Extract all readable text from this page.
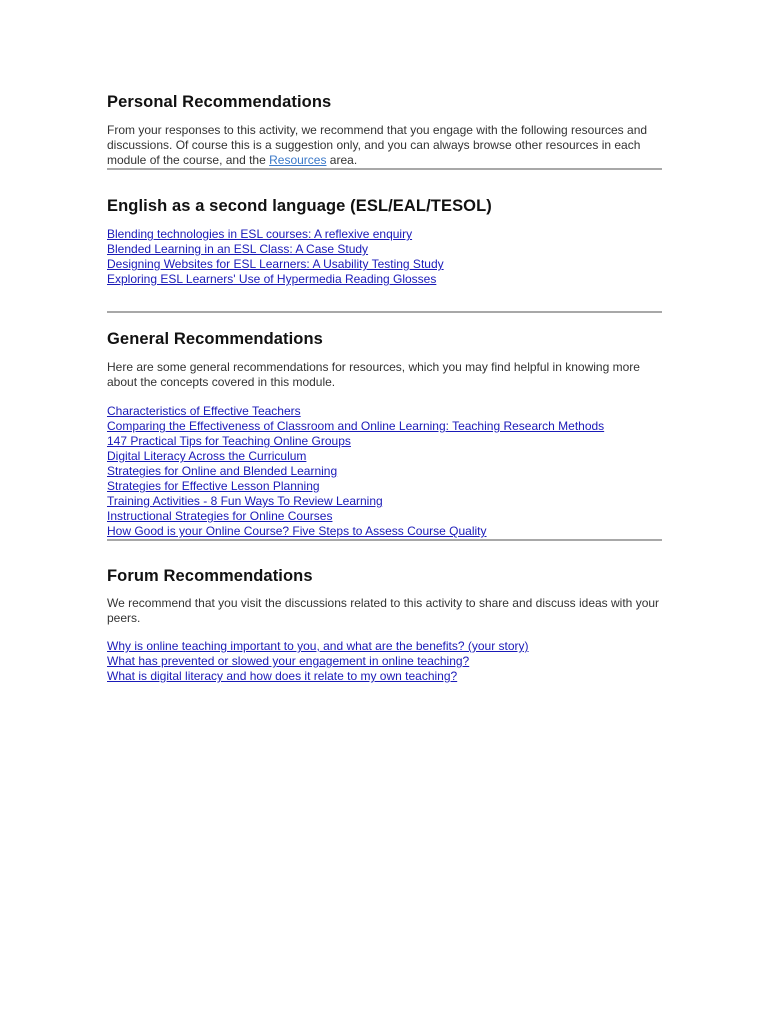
Personal Recommendations

From your responses to this activity, we recommend that you engage with the following resources and discussions. Of course this is a suggestion only, and you can always browse other resources in each module of the course, and the Resources area.

English as a second language (ESL/EAL/TESOL)
Blending technologies in ESL courses: A reflexive enquiry
Blended Learning in an ESL Class: A Case Study
Designing Websites for ESL Learners: A Usability Testing Study
Exploring ESL Learners' Use of Hypermedia Reading Glosses
General Recommendations

Here are some general recommendations for resources, which you may find helpful in knowing more about the concepts covered in this module.

Characteristics of Effective Teachers
Comparing the Effectiveness of Classroom and Online Learning: Teaching Research Methods
147 Practical Tips for Teaching Online Groups
Digital Literacy Across the Curriculum
Strategies for Online and Blended Learning
Strategies for Effective Lesson Planning
Training Activities - 8 Fun Ways To Review Learning
Instructional Strategies for Online Courses
How Good is your Online Course? Five Steps to Assess Course Quality
Forum Recommendations

We recommend that you visit the discussions related to this activity to share and discuss ideas with your peers.

Why is online teaching important to you, and what are the benefits? (your story)
What has prevented or slowed your engagement in online teaching?
What is digital literacy and how does it relate to my own teaching?
